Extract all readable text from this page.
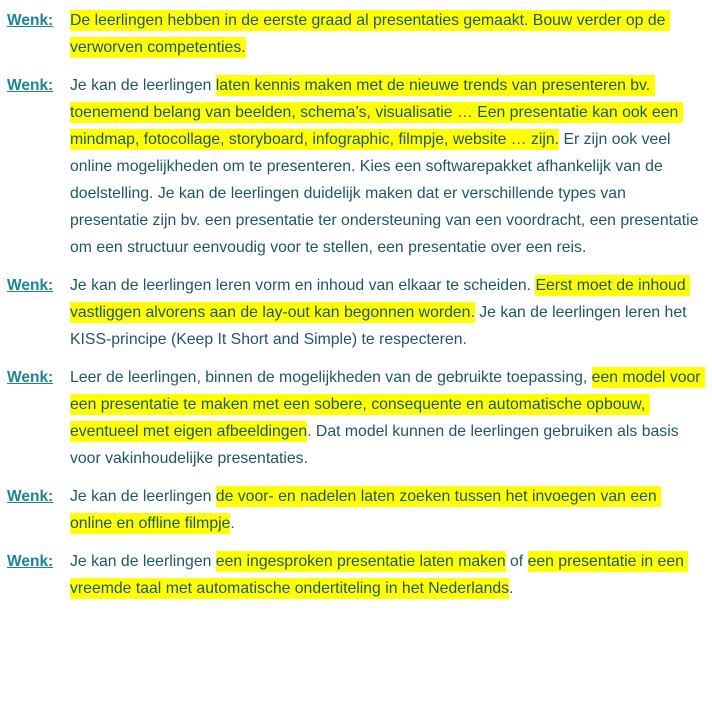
Wenk:	De leerlingen hebben in de eerste graad al presentaties gemaakt. Bouw verder op de verworven competenties.

Wenk:	Je kan de leerlingen laten kennis maken met de nieuwe trends van presenteren bv. toenemend belang van beelden, schema’s, visualisatie … Een presentatie kan ook een mindmap, fotocollage, storyboard, infographic, filmpje, website … zijn. Er zijn ook veel online mogelijkheden om te presenteren. Kies een softwarepakket afhankelijk van de doelstelling. Je kan de leerlingen duidelijk maken dat er verschillende types van presentatie zijn bv. een presentatie ter ondersteuning van een voordracht, een presentatie om een structuur eenvoudig voor te stellen, een presentatie over een reis.

Wenk:	Je kan de leerlingen leren vorm en inhoud van elkaar te scheiden. Eerst moet de inhoud vastliggen alvorens aan de lay-out kan begonnen worden. Je kan de leerlingen leren het KISS-principe (Keep It Short and Simple) te respecteren.

Wenk:	Leer de leerlingen, binnen de mogelijkheden van de gebruikte toepassing, een model voor een presentatie te maken met een sobere, consequente en automatische opbouw, eventueel met eigen afbeeldingen. Dat model kunnen de leerlingen gebruiken als basis voor vakinhoudelijke presentaties.

Wenk:	Je kan de leerlingen de voor- en nadelen laten zoeken tussen het invoegen van een online en offline filmpje.

Wenk:	Je kan de leerlingen een ingesproken presentatie laten maken of een presentatie in een vreemde taal met automatische ondertiteling in het Nederlands.
